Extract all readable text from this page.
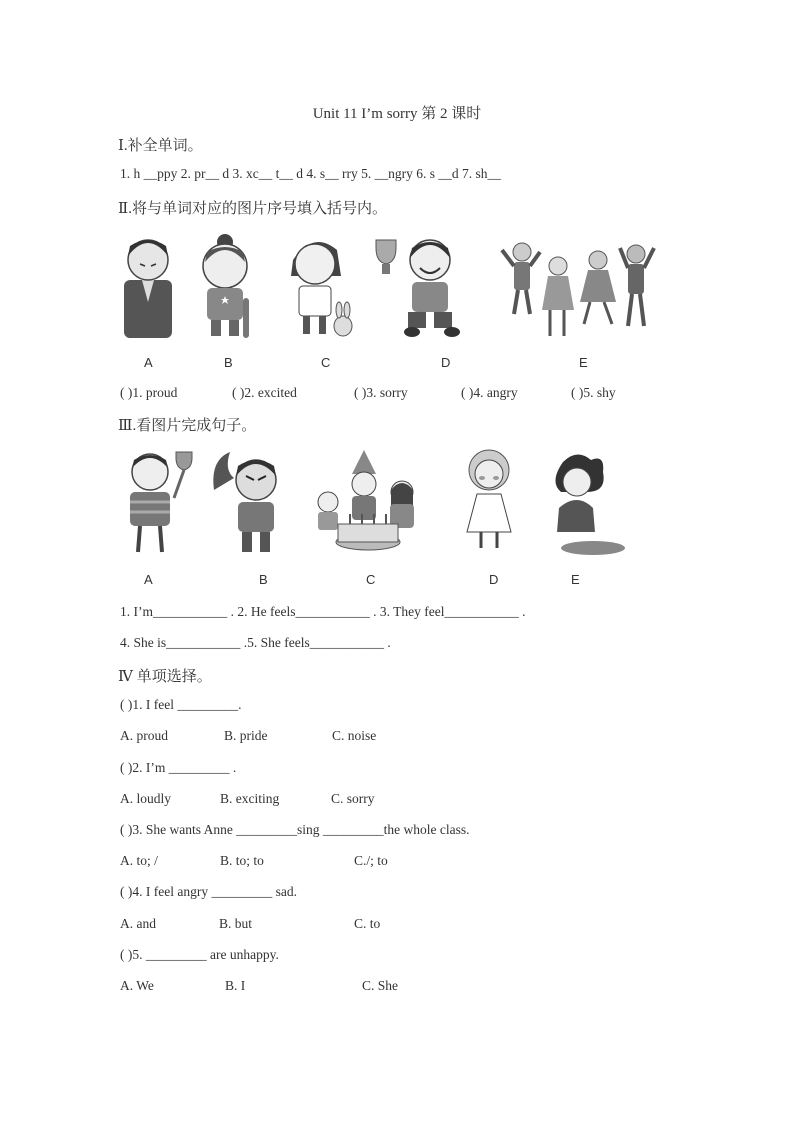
Unit 11 I’m sorry 第 2 课时
Ⅰ.补全单词。
1. h __ppy 2. pr__ d 3. xc__ t__ d 4. s__ rry 5. __ngry 6. s __d 7. sh__
Ⅱ.将与单词对应的图片序号填入括号内。
A	B	C	D	E
( )1. proud	( )2. excited	( )3. sorry	( )4. angry	( )5. shy
Ⅲ.看图片完成句子。
A	B	C	D	E
1. I’m___________ . 2. He feels___________ . 3. They feel___________ .
4. She is___________ .5. She feels___________ .
Ⅳ 单项选择。
( )1. I feel _________.
A. proud	B. pride	C. noise
( )2. I’m _________ .
A. loudly	B. exciting	C. sorry
( )3. She wants Anne _________sing _________the whole class.
A. to; /	B. to; to	C./; to
( )4. I feel angry _________ sad.
A. and	B. but	C. to
( )5. _________ are unhappy.
A. We	B. I	C. She
